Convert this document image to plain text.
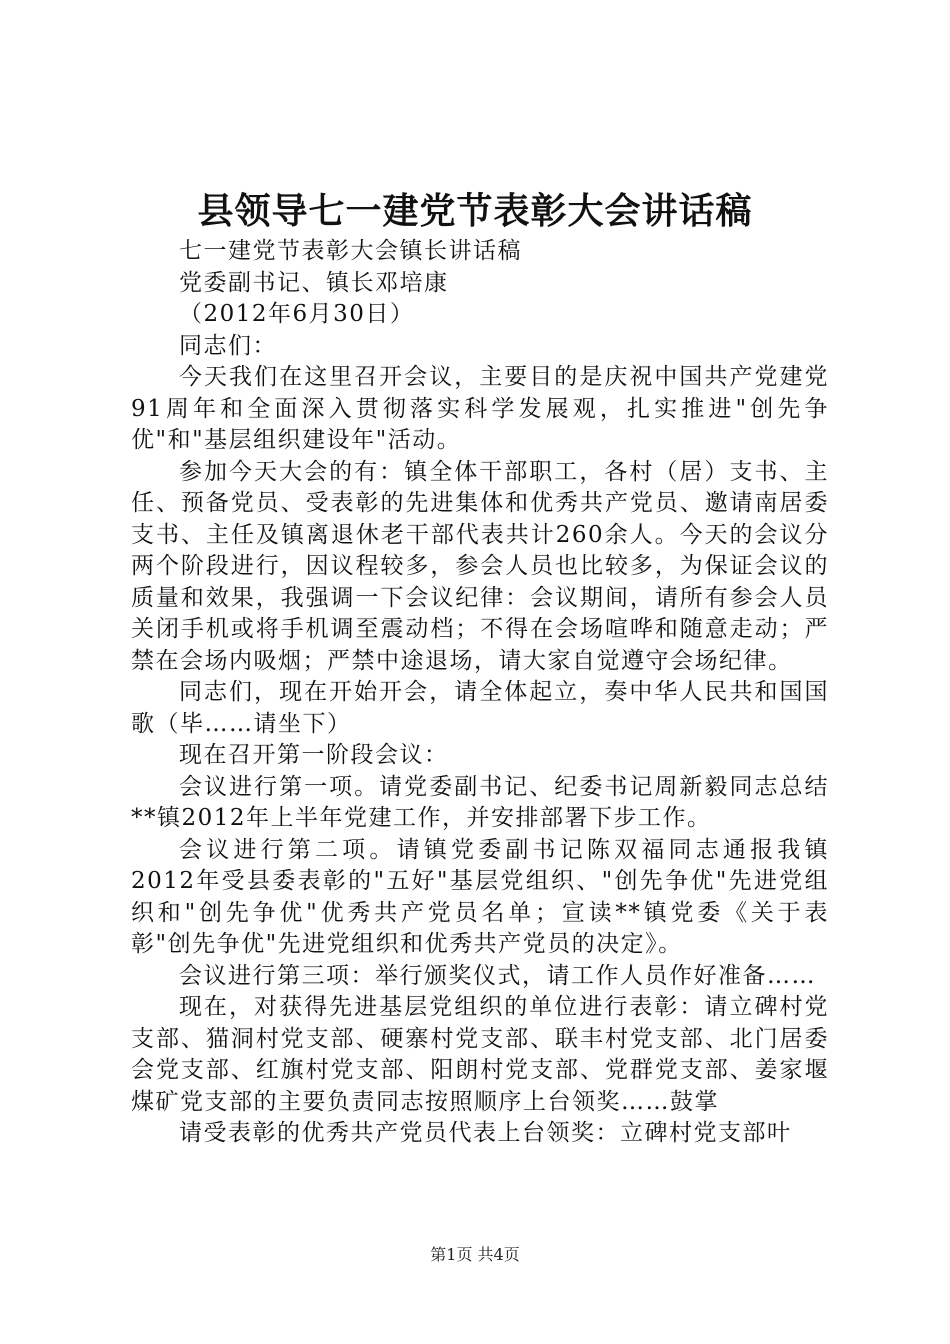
县领导七一建党节表彰大会讲话稿

七一建党节表彰大会镇长讲话稿

党委副书记、镇长邓培康

（2012年6月30日）

同志们：

今天我们在这里召开会议，主要目的是庆祝中国共产党建党91周年和全面深入贯彻落实科学发展观，扎实推进"创先争优"和"基层组织建设年"活动。

参加今天大会的有：镇全体干部职工，各村（居）支书、主任、预备党员、受表彰的先进集体和优秀共产党员、邀请南居委支书、主任及镇离退休老干部代表共计260余人。今天的会议分两个阶段进行，因议程较多，参会人员也比较多，为保证会议的质量和效果，我强调一下会议纪律：会议期间，请所有参会人员关闭手机或将手机调至震动档；不得在会场喧哗和随意走动；严禁在会场内吸烟；严禁中途退场，请大家自觉遵守会场纪律。

同志们，现在开始开会，请全体起立，奏中华人民共和国国歌（毕……请坐下）

现在召开第一阶段会议：

会议进行第一项。请党委副书记、纪委书记周新毅同志总结**镇2012年上半年党建工作，并安排部署下步工作。

会议进行第二项。请镇党委副书记陈双福同志通报我镇2012年受县委表彰的"五好"基层党组织、"创先争优"先进党组织和"创先争优"优秀共产党员名单；宣读**镇党委《关于表彰"创先争优"先进党组织和优秀共产党员的决定》。

会议进行第三项：举行颁奖仪式，请工作人员作好准备……

现在，对获得先进基层党组织的单位进行表彰：请立碑村党支部、猫洞村党支部、硬寨村党支部、联丰村党支部、北门居委会党支部、红旗村党支部、阳朗村党支部、党群党支部、姜家堰煤矿党支部的主要负责同志按照顺序上台领奖……鼓掌

请受表彰的优秀共产党员代表上台领奖：立碑村党支部叶

第1页 共4页
